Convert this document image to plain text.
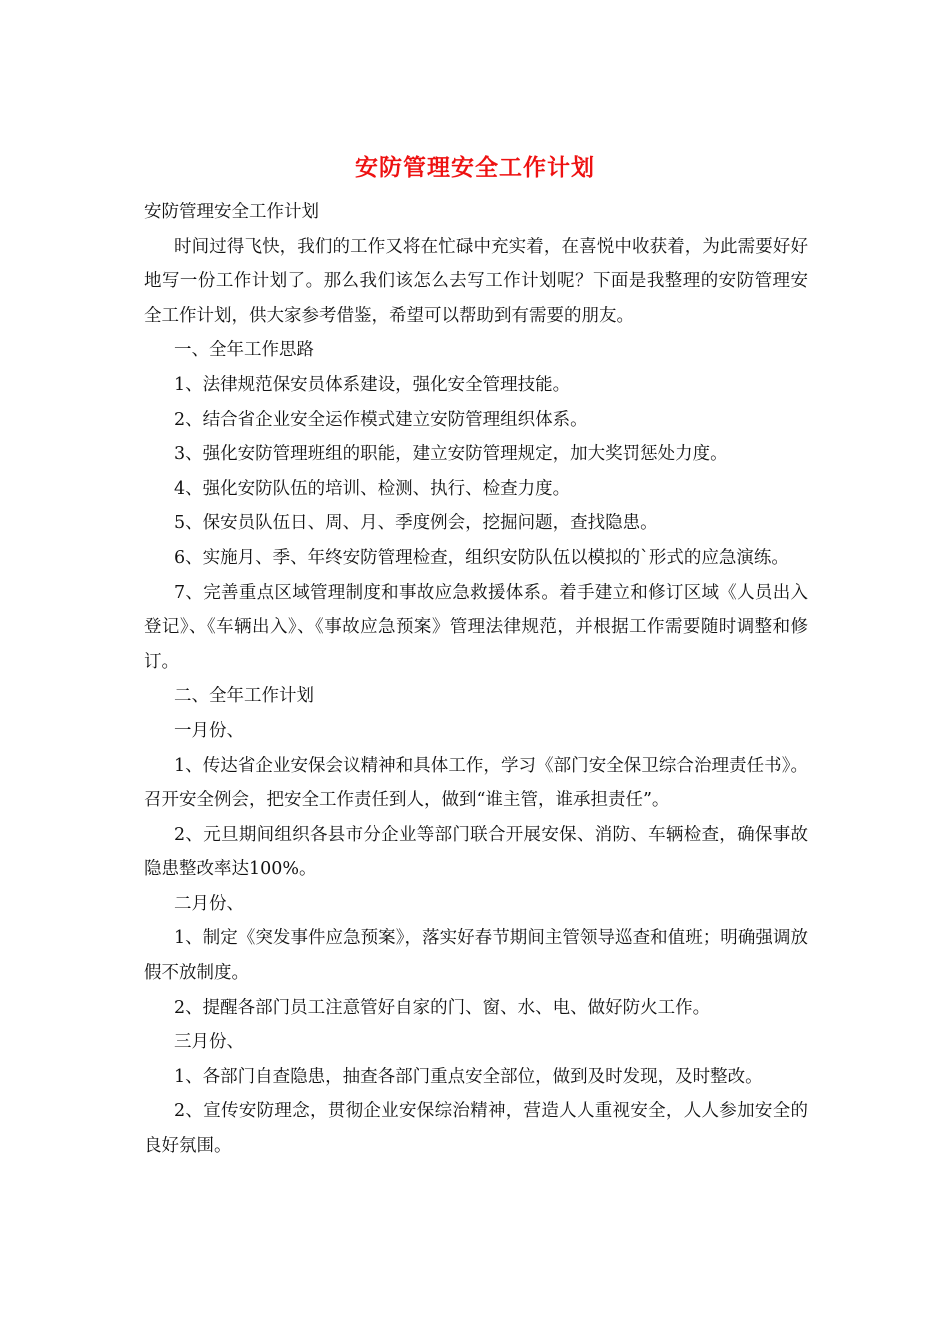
安防管理安全工作计划

安防管理安全工作计划

时间过得飞快，我们的工作又将在忙碌中充实着，在喜悦中收获着，为此需要好好地写一份工作计划了。那么我们该怎么去写工作计划呢？下面是我整理的安防管理安全工作计划，供大家参考借鉴，希望可以帮助到有需要的朋友。

一、全年工作思路

1、法律规范保安员体系建设，强化安全管理技能。

2、结合省企业安全运作模式建立安防管理组织体系。

3、强化安防管理班组的职能，建立安防管理规定，加大奖罚惩处力度。

4、强化安防队伍的培训、检测、执行、检查力度。

5、保安员队伍日、周、月、季度例会，挖掘问题，查找隐患。

6、实施月、季、年终安防管理检查，组织安防队伍以模拟的`形式的应急演练。

7、完善重点区域管理制度和事故应急救援体系。着手建立和修订区域《人员出入登记》、《车辆出入》、《事故应急预案》管理法律规范，并根据工作需要随时调整和修订。

二、全年工作计划

一月份、

1、传达省企业安保会议精神和具体工作，学习《部门安全保卫综合治理责任书》。召开安全例会，把安全工作责任到人，做到“谁主管，谁承担责任”。

2、元旦期间组织各县市分企业等部门联合开展安保、消防、车辆检查，确保事故隐患整改率达100%。

二月份、

1、制定《突发事件应急预案》，落实好春节期间主管领导巡查和值班；明确强调放假不放制度。

2、提醒各部门员工注意管好自家的门、窗、水、电、做好防火工作。

三月份、

1、各部门自查隐患，抽查各部门重点安全部位，做到及时发现，及时整改。

2、宣传安防理念，贯彻企业安保综治精神，营造人人重视安全，人人参加安全的良好氛围。
